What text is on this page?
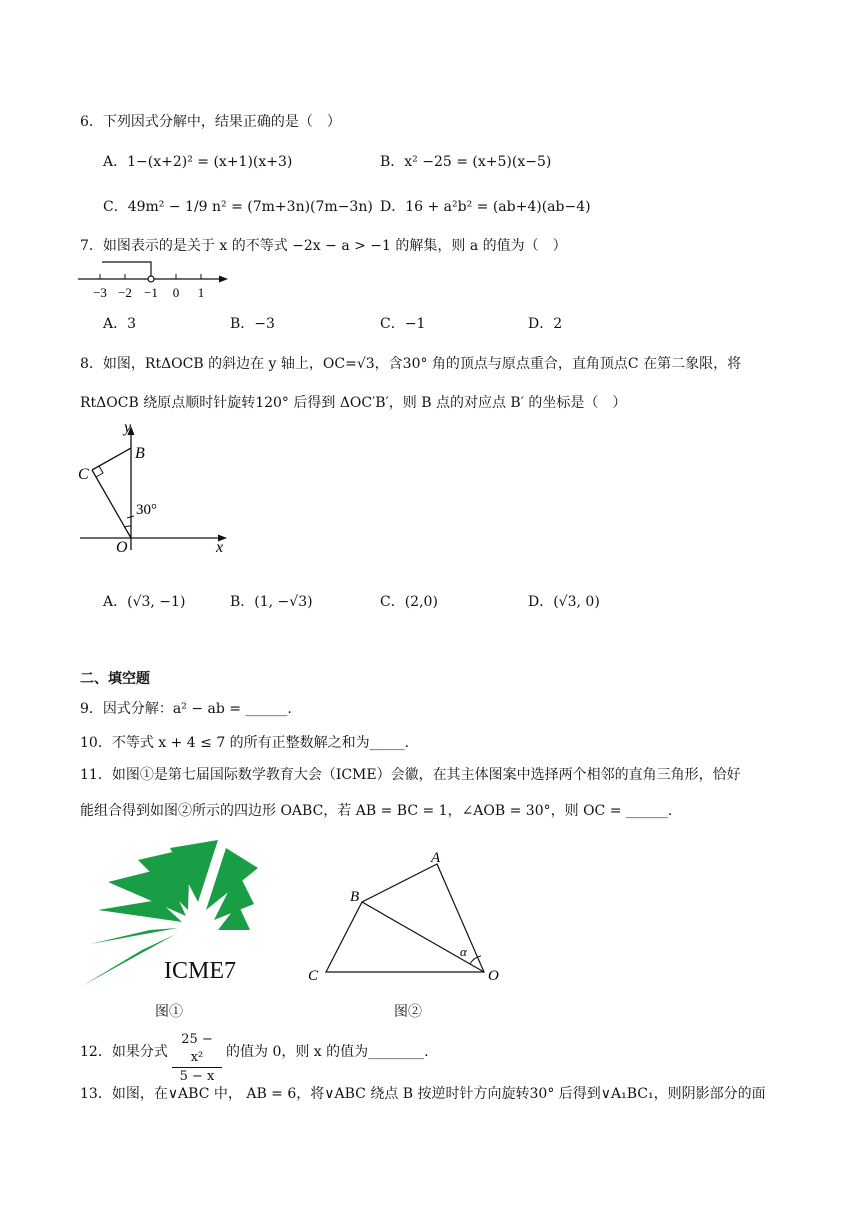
6．下列因式分解中，结果正确的是（　）
A．1−(x+2)² = (x+1)(x+3)	B．x² −25 = (x+5)(x−5)
C．49m² − 1/9 n² = (7m+3n)(7m−3n) D．16 + a²b² = (ab+4)(ab−4)
7．如图表示的是关于 x 的不等式 −2x − a > −1 的解集，则 a 的值为（　）
−3 −2 −1 0 1
A．3	B．−3	C．−1	D．2
8．如图，RtΔOCB 的斜边在 y 轴上，OC=√3，含30° 角的顶点与原点重合，直角顶点C 在第二象限，将
RtΔOCB 绕原点顺时针旋转120° 后得到 ΔOC′B′，则 B 点的对应点 B′ 的坐标是（　）
y
x
B
C
O
30°
A．(√3, −1)	B．(1, −√3)	C．(2,0)	D．(√3, 0)
二、填空题
9．因式分解：a² − ab = ______.
10．不等式 x + 4 ≤ 7 的所有正整数解之和为_____.
11．如图①是第七届国际数学教育大会（ICME）会徽，在其主体图案中选择两个相邻的直角三角形，恰好
能组合得到如图②所示的四边形 OABC，若 AB = BC = 1，∠AOB = 30°，则 OC = ______.
ICME7
图①
A
B
C	O
α
图②
12．如果分式 $\frac{\text{25 − x²}}{5 - x}$ 的值为 0，则 x 的值为________.
13．如图，在∨ABC 中， AB = 6，将∨ABC 绕点 B 按逆时针方向旋转30° 后得到∨A₁BC₁，则阴影部分的面
